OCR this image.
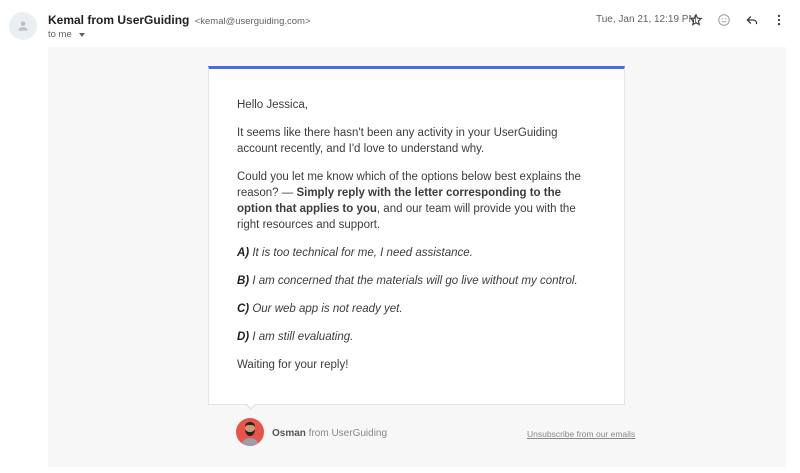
Kemal from UserGuiding <kemal@userguiding.com>
to me
Tue, Jan 21, 12:19 PM

Hello Jessica,

It seems like there hasn't been any activity in your UserGuiding account recently, and I'd love to understand why.

Could you let me know which of the options below best explains the reason? — Simply reply with the letter corresponding to the option that applies to you, and our team will provide you with the right resources and support.

A) It is too technical for me, I need assistance.

B) I am concerned that the materials will go live without my control.

C) Our web app is not ready yet.

D) I am still evaluating.

Waiting for your reply!

Osman from UserGuiding	Unsubscribe from our emails
